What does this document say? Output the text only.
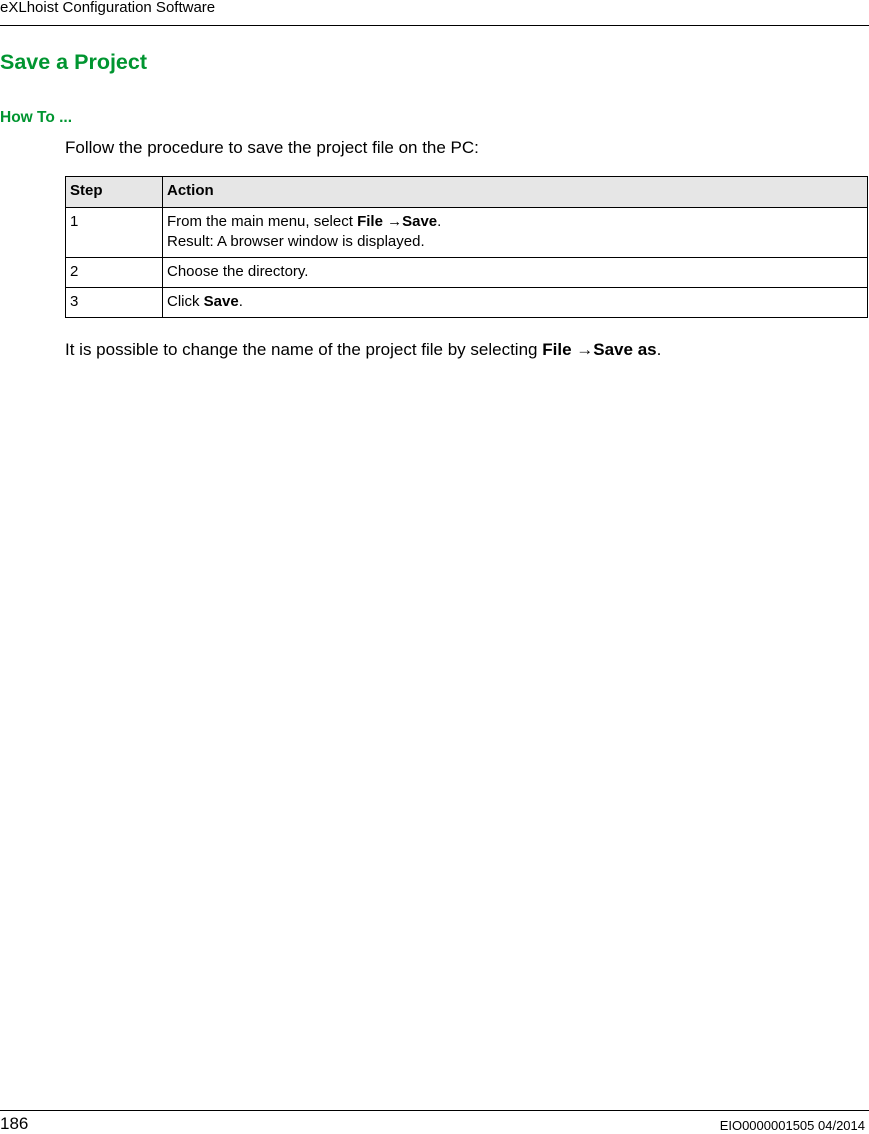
eXLhoist Configuration Software
Save a Project
How To ...
Follow the procedure to save the project file on the PC:
Step	Action
1	From the main menu, select File →Save.
Result: A browser window is displayed.
2	Choose the directory.
3	Click Save.
It is possible to change the name of the project file by selecting File →Save as.
186	EIO0000001505 04/2014
